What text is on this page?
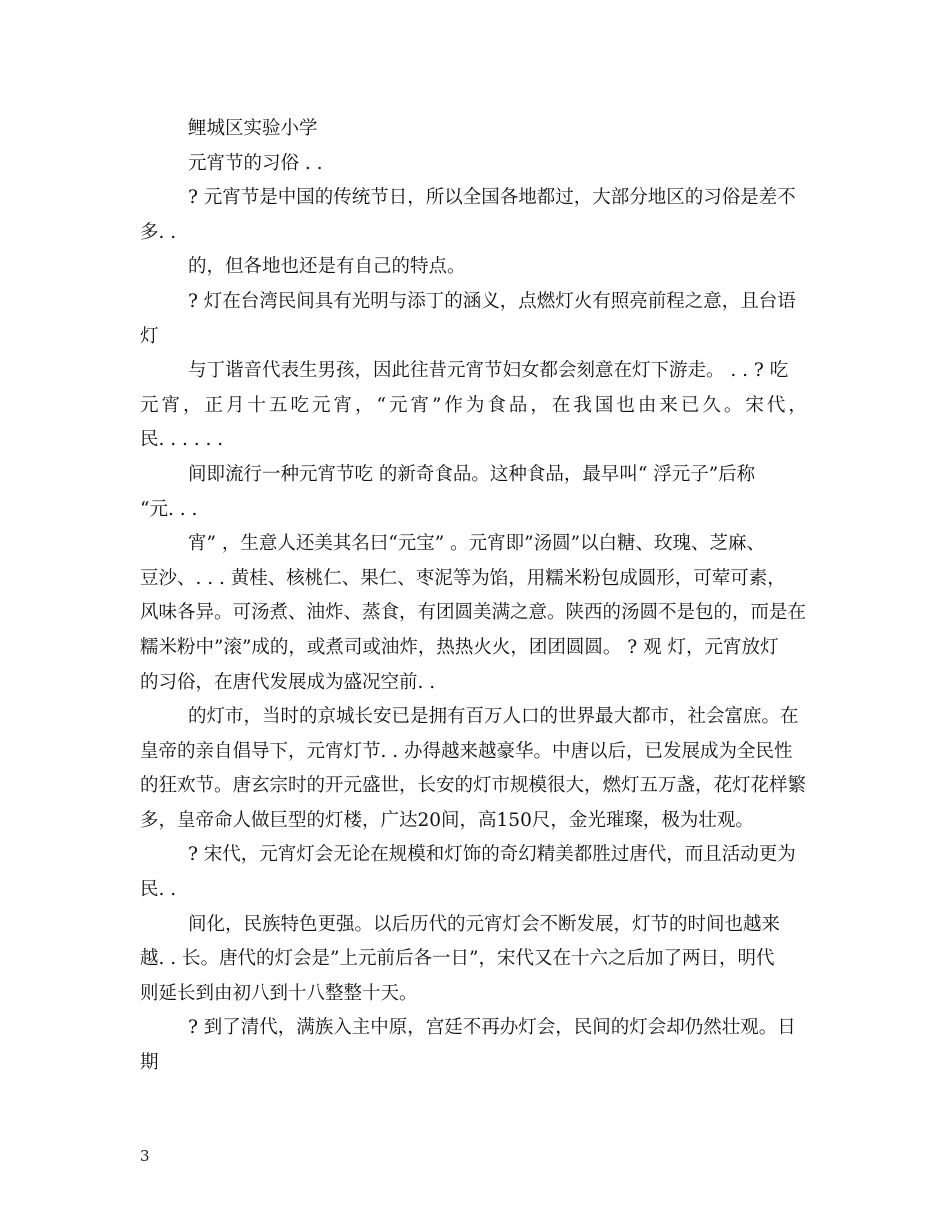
鲤城区实验小学
元宵节的习俗 . .
? 元宵节是中国的传统节日，所以全国各地都过，大部分地区的习俗是差不
多. .
的，但各地也还是有自己的特点。
? 灯在台湾民间具有光明与添丁的涵义，点燃灯火有照亮前程之意，且台语
灯
与丁谐音代表生男孩，因此往昔元宵节妇女都会刻意在灯下游走。 . . ? 吃
元宵，正月十五吃元宵，“元宵”作为食品，在我国也由来已久。宋代，
民. . . . . .
间即流行一种元宵节吃 的新奇食品。这种食品，最早叫“ 浮元子”后称
“元. . .
宵” ，生意人还美其名曰“元宝” 。元宵即”汤圆”以白糖、玫瑰、芝麻、
豆沙、. . . 黄桂、核桃仁、果仁、枣泥等为馅，用糯米粉包成圆形，可荤可素，
风味各异。可汤煮、油炸、蒸食，有团圆美满之意。陕西的汤圆不是包的，而是在
糯米粉中”滚”成的，或煮司或油炸，热热火火，团团圆圆。 ? 观 灯，元宵放灯
的习俗，在唐代发展成为盛况空前. .
的灯市，当时的京城长安已是拥有百万人口的世界最大都市，社会富庶。在
皇帝的亲自倡导下，元宵灯节. . 办得越来越豪华。中唐以后，已发展成为全民性
的狂欢节。唐玄宗时的开元盛世，长安的灯市规模很大，燃灯五万盏，花灯花样繁
多，皇帝命人做巨型的灯楼，广达20间，高150尺，金光璀璨，极为壮观。
? 宋代，元宵灯会无论在规模和灯饰的奇幻精美都胜过唐代，而且活动更为
民. .
间化，民族特色更强。以后历代的元宵灯会不断发展，灯节的时间也越来
越. . 长。唐代的灯会是”上元前后各一日”，宋代又在十六之后加了两日，明代
则延长到由初八到十八整整十天。
? 到了清代，满族入主中原，宫廷不再办灯会，民间的灯会却仍然壮观。日
期
3
